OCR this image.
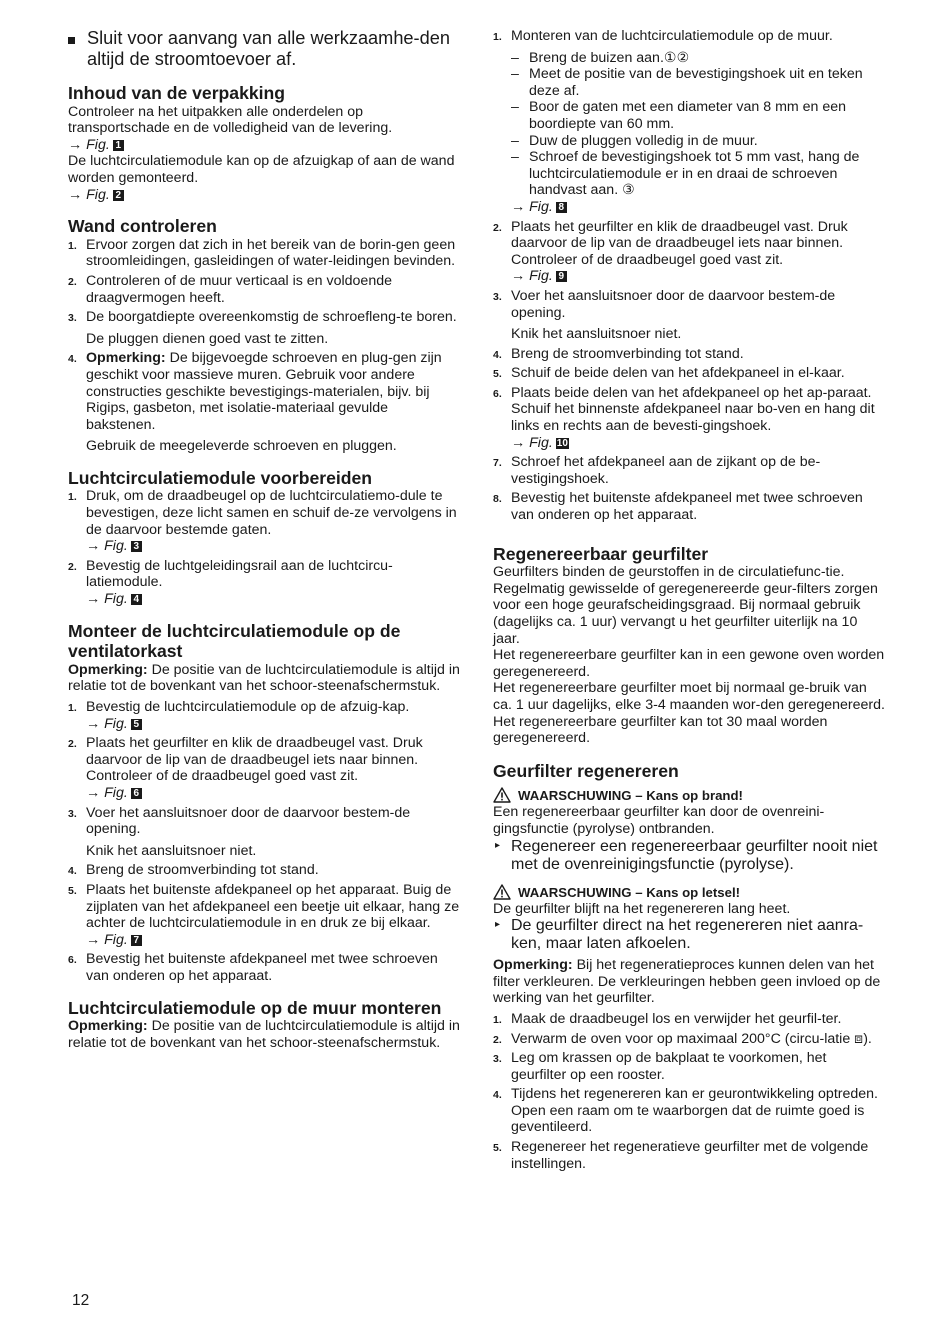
Sluit voor aanvang van alle werkzaamhe-den altijd de stroomtoevoer af.

Inhoud van de verpakking

Controleer na het uitpakken alle onderdelen op transportschade en de volledigheid van de levering.

→ Fig. 1

De luchtcirculatiemodule kan op de afzuigkap of aan de wand worden gemonteerd.

→ Fig. 2

Wand controleren
1. Ervoor zorgen dat zich in het bereik van de borin-gen geen stroomleidingen, gasleidingen of water-leidingen bevinden.
2. Controleren of de muur verticaal is en voldoende draagvermogen heeft.
3. De boorgatdiepte overeenkomstig de schroefleng-te boren.
De pluggen dienen goed vast te zitten.
4. Opmerking: De bijgevoegde schroeven en plug-gen zijn geschikt voor massieve muren. Gebruik voor andere constructies geschikte bevestigings-materialen, bijv. bij Rigips, gasbeton, met isolatie-materiaal gevulde bakstenen.
Gebruik de meegeleverde schroeven en pluggen.
Luchtcirculatiemodule voorbereiden
1. Druk, om de draadbeugel op de luchtcirculatiemo-dule te bevestigen, deze licht samen en schuif de-ze vervolgens in de daarvoor bestemde gaten.
→ Fig. 3
2. Bevestig de luchtgeleidingsrail aan de luchtcircu-latiemodule.
→ Fig. 4
Monteer de luchtcirculatiemodule op de ventilatorkast

Opmerking: De positie van de luchtcirculatiemodule is altijd in relatie tot de bovenkant van het schoor-steenafschermstuk.

1. Bevestig de luchtcirculatiemodule op de afzuig-kap.
→ Fig. 5
2. Plaats het geurfilter en klik de draadbeugel vast. Druk daarvoor de lip van de draadbeugel iets naar binnen. Controleer of de draadbeugel goed vast zit.
→ Fig. 6
3. Voer het aansluitsnoer door de daarvoor bestem-de opening.
Knik het aansluitsnoer niet.
4. Breng de stroomverbinding tot stand.
5. Plaats het buitenste afdekpaneel op het apparaat. Buig de zijplaten van het afdekpaneel een beetje uit elkaar, hang ze achter de luchtcirculatiemodule in en druk ze bij elkaar.
→ Fig. 7
6. Bevestig het buitenste afdekpaneel met twee schroeven van onderen op het apparaat.
Luchtcirculatiemodule op de muur monteren

Opmerking: De positie van de luchtcirculatiemodule is altijd in relatie tot de bovenkant van het schoor-steenafschermstuk.

1. Monteren van de luchtcirculatiemodule op de muur.
– Breng de buizen aan.①②
– Meet de positie van de bevestigingshoek uit en teken deze af.
– Boor de gaten met een diameter van 8 mm en een boordiepte van 60 mm.
– Duw de pluggen volledig in de muur.
– Schroef de bevestigingshoek tot 5 mm vast, hang de luchtcirculatiemodule er in en draai de schroeven handvast aan. ③
→ Fig. 8
2. Plaats het geurfilter en klik de draadbeugel vast. Druk daarvoor de lip van de draadbeugel iets naar binnen. Controleer of de draadbeugel goed vast zit.
→ Fig. 9
3. Voer het aansluitsnoer door de daarvoor bestem-de opening.
Knik het aansluitsnoer niet.
4. Breng de stroomverbinding tot stand.
5. Schuif de beide delen van het afdekpaneel in el-kaar.
6. Plaats beide delen van het afdekpaneel op het ap-paraat. Schuif het binnenste afdekpaneel naar bo-ven en hang dit links en rechts aan de bevesti-gingshoek.
→ Fig. 10
7. Schroef het afdekpaneel aan de zijkant op de be-vestigingshoek.
8. Bevestig het buitenste afdekpaneel met twee schroeven van onderen op het apparaat.
Regenereerbaar geurfilter

Geurfilters binden de geurstoffen in de circulatiefunc-tie. Regelmatig gewisselde of geregenereerde geur-filters zorgen voor een hoge geurafscheidingsgraad. Bij normaal gebruik (dagelijks ca. 1 uur) vervangt u het geurfilter uiterlijk na 10 jaar.

Het regenereerbare geurfilter kan in een gewone oven worden geregenereerd.

Het regenereerbare geurfilter moet bij normaal ge-bruik van ca. 1 uur dagelijks, elke 3-4 maanden wor-den geregenereerd. Het regenereerbare geurfilter kan tot 30 maal worden geregenereerd.

Geurfilter regenereren
WAARSCHUWING – Kans op brand!

Een regenereerbaar geurfilter kan door de ovenreini-gingsfunctie (pyrolyse) ontbranden.

▸ Regenereer een regenereerbaar geurfilter nooit niet met de ovenreinigingsfunctie (pyrolyse).
WAARSCHUWING – Kans op letsel!

De geurfilter blijft na het regenereren lang heet.

▸ De geurfilter direct na het regenereren niet aanra-ken, maar laten afkoelen.

Opmerking: Bij het regeneratieproces kunnen delen van het filter verkleuren. De verkleuringen hebben geen invloed op de werking van het geurfilter.

1. Maak de draadbeugel los en verwijder het geurfil-ter.
2. Verwarm de oven voor op maximaal 200°C (circu-latie ⧈).
3. Leg om krassen op de bakplaat te voorkomen, het geurfilter op een rooster.
4. Tijdens het regenereren kan er geurontwikkeling optreden. Open een raam om te waarborgen dat de ruimte goed is geventileerd.
5. Regenereer het regeneratieve geurfilter met de volgende instellingen.
12
